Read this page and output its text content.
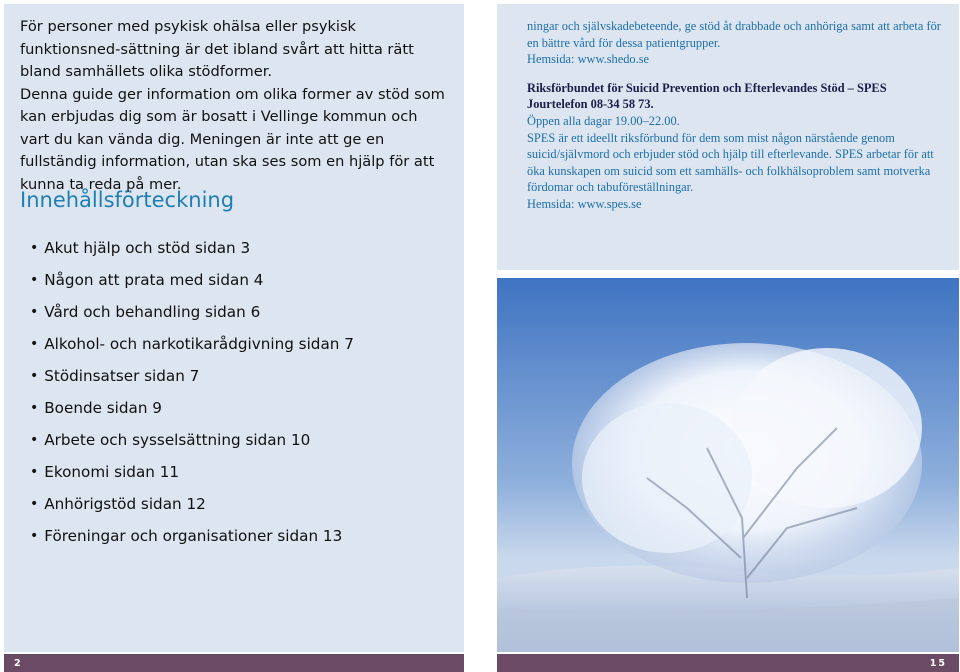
För personer med psykisk ohälsa eller psykisk funktionsned-sättning är det ibland svårt att hitta rätt bland samhällets olika stödformer.
Denna guide ger information om olika former av stöd som kan erbjudas dig som är bosatt i Vellinge kommun och vart du kan vända dig. Meningen är inte att ge en fullständig information, utan ska ses som en hjälp för att kunna ta reda på mer.

Innehållsförteckning
• Akut hjälp och stöd sidan 3
• Någon att prata med sidan 4
• Vård och behandling sidan 6
• Alkohol- och narkotikarådgivning sidan 7
• Stödinsatser sidan 7
• Boende sidan 9
• Arbete och sysselsättning sidan 10
• Ekonomi sidan 11
• Anhörigstöd sidan 12
• Föreningar och organisationer sidan 13

ningar och självskadebeteende, ge stöd åt drabbade och anhöriga samt att arbeta för en bättre vård för dessa patientgrupper.

Hemsida: www.shedo.se

Riksförbundet för Suicid Prevention och Efterlevandes Stöd – SPES

Jourtelefon 08-34 58 73.

Öppen alla dagar 19.00–22.00.

SPES är ett ideellt riksförbund för dem som mist någon närstående genom suicid/självmord och erbjuder stöd och hjälp till efterlevande. SPES arbetar för att öka kunskapen om suicid som ett samhälls- och folkhälsoproblem samt motverka fördomar och tabuföreställningar.

Hemsida: www.spes.se

2	15
